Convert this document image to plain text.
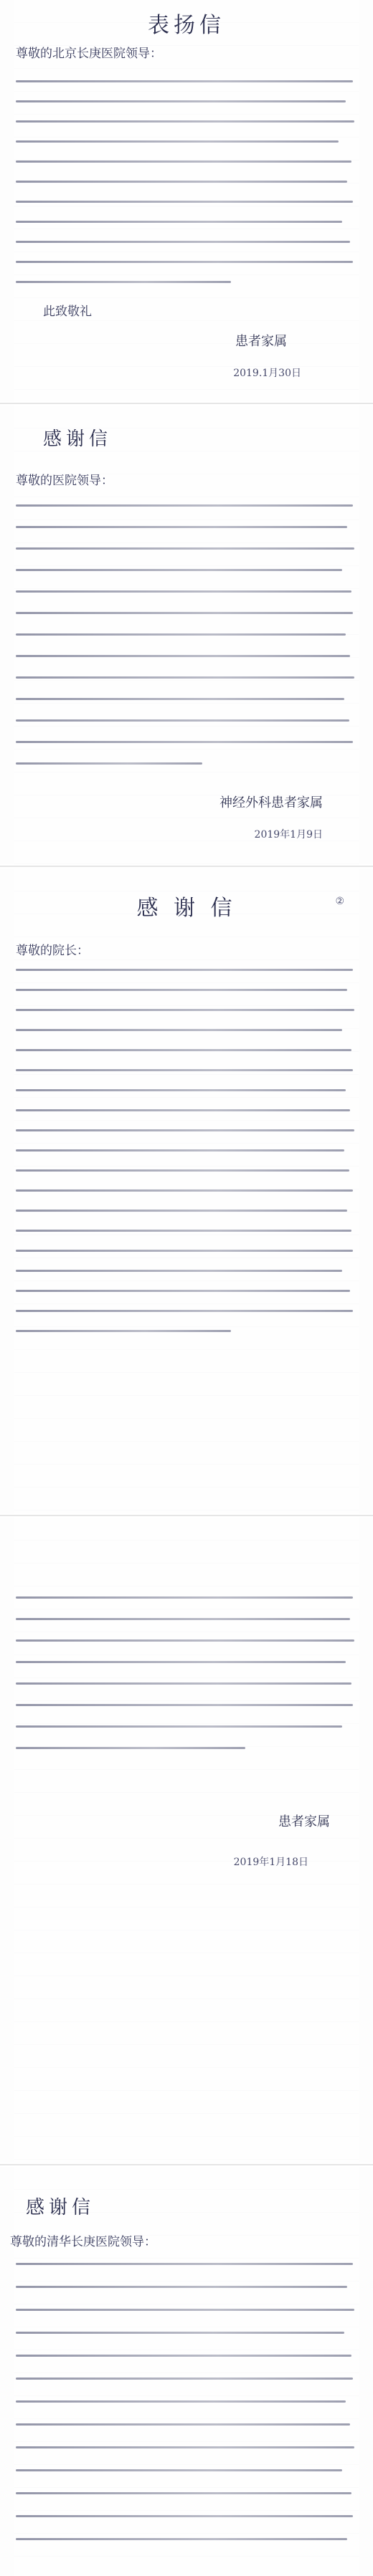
表扬信
尊敬的北京长庚医院领导：
此致敬礼
患者家属
2019.1月30日
感谢信
尊敬的医院领导：
神经外科患者家属
2019年1月9日
感 谢 信	②
尊敬的院长：
患者家属
2019年1月18日
感谢信
尊敬的清华长庚医院领导：
